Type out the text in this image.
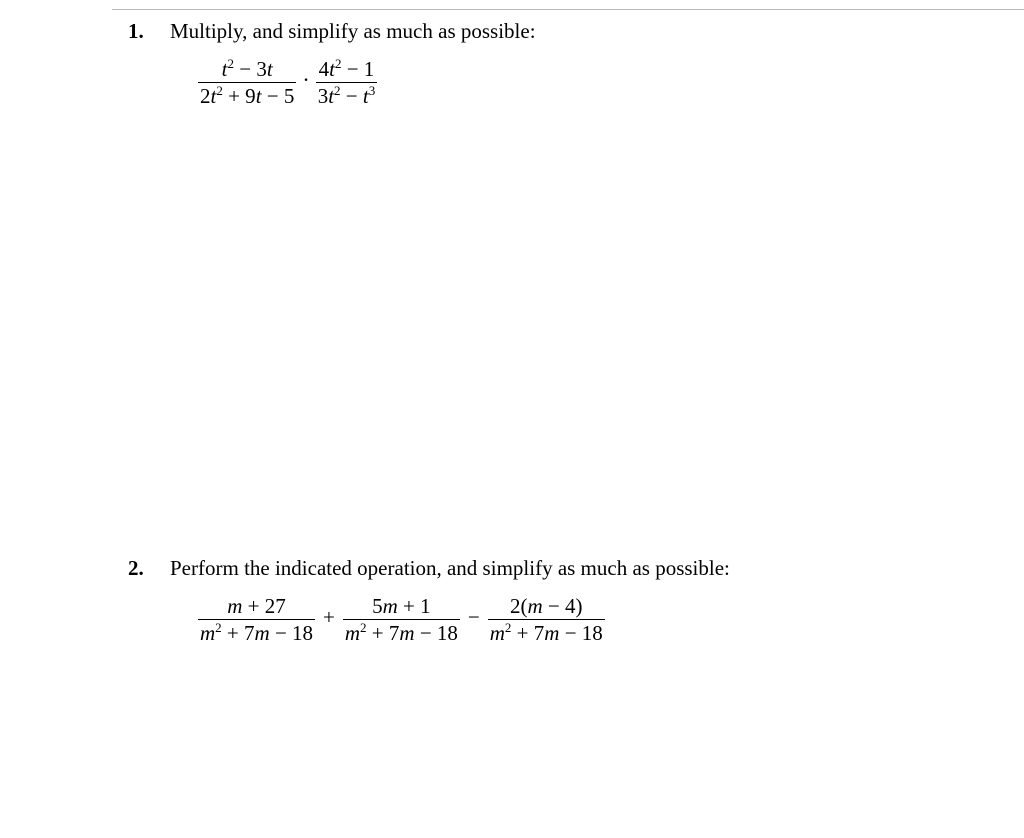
1. Multiply, and simplify as much as possible:
$\frac{t^2 - 3t}{2t^2 + 9t - 5} \cdot \frac{4t^2 - 1}{3t^2 - t^3}$
2. Perform the indicated operation, and simplify as much as possible:
$\frac{m + 27}{m^2 + 7m - 18} + \frac{5m + 1}{m^2 + 7m - 18} - \frac{2(m - 4)}{m^2 + 7m - 18}$
